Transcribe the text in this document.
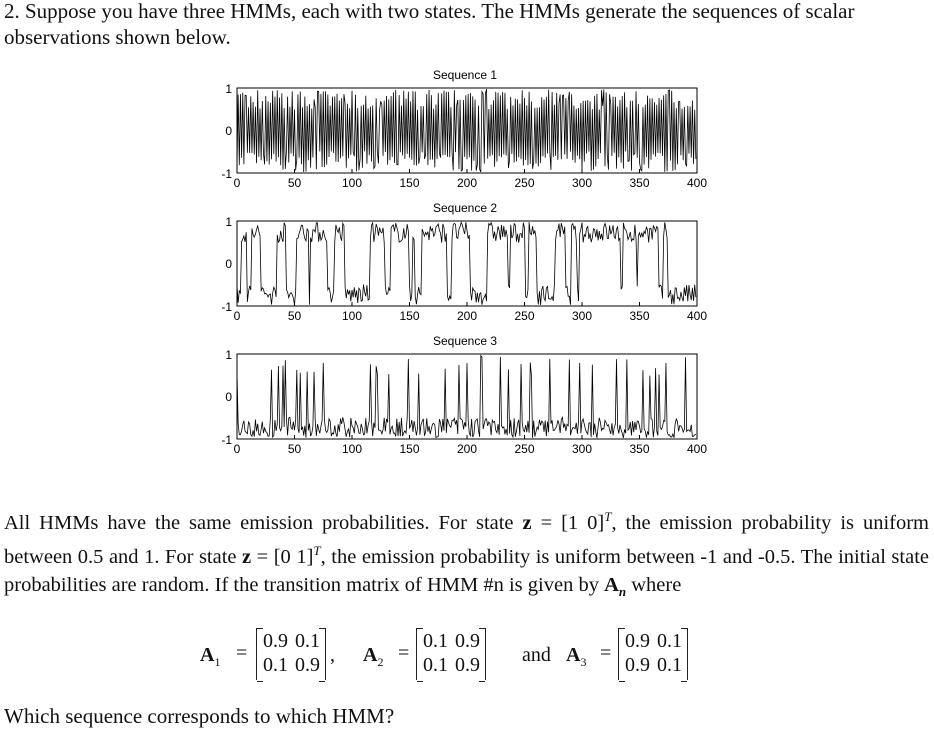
2. Suppose you have three HMMs, each with two states. The HMMs generate the sequences of scalar
observations shown below.
Sequence 1
1
0
-1
0	50	100	150	200	250	300	350	400
Sequence 2
1
0
-1
0	50	100	150	200	250	300	350	400
Sequence 3
1
0
-1
0	50	100	150	200	250	300	350	400
All HMMs have the same emission probabilities. For state z = [1 0]$^T$, the emission probability is uniform between 0.5 and 1. For state z = [0 1]$^T$, the emission probability is uniform between -1 and -0.5. The initial state probabilities are random. If the transition matrix of HMM #n is given by $A_n$ where
$A_1$ =
0.9 0.1
0.1 0.9 , $A_2$ =
0.1 0.9
0.1 0.9 and $A_3$ =
0.9 0.1
0.9 0.1
Which sequence corresponds to which HMM?
